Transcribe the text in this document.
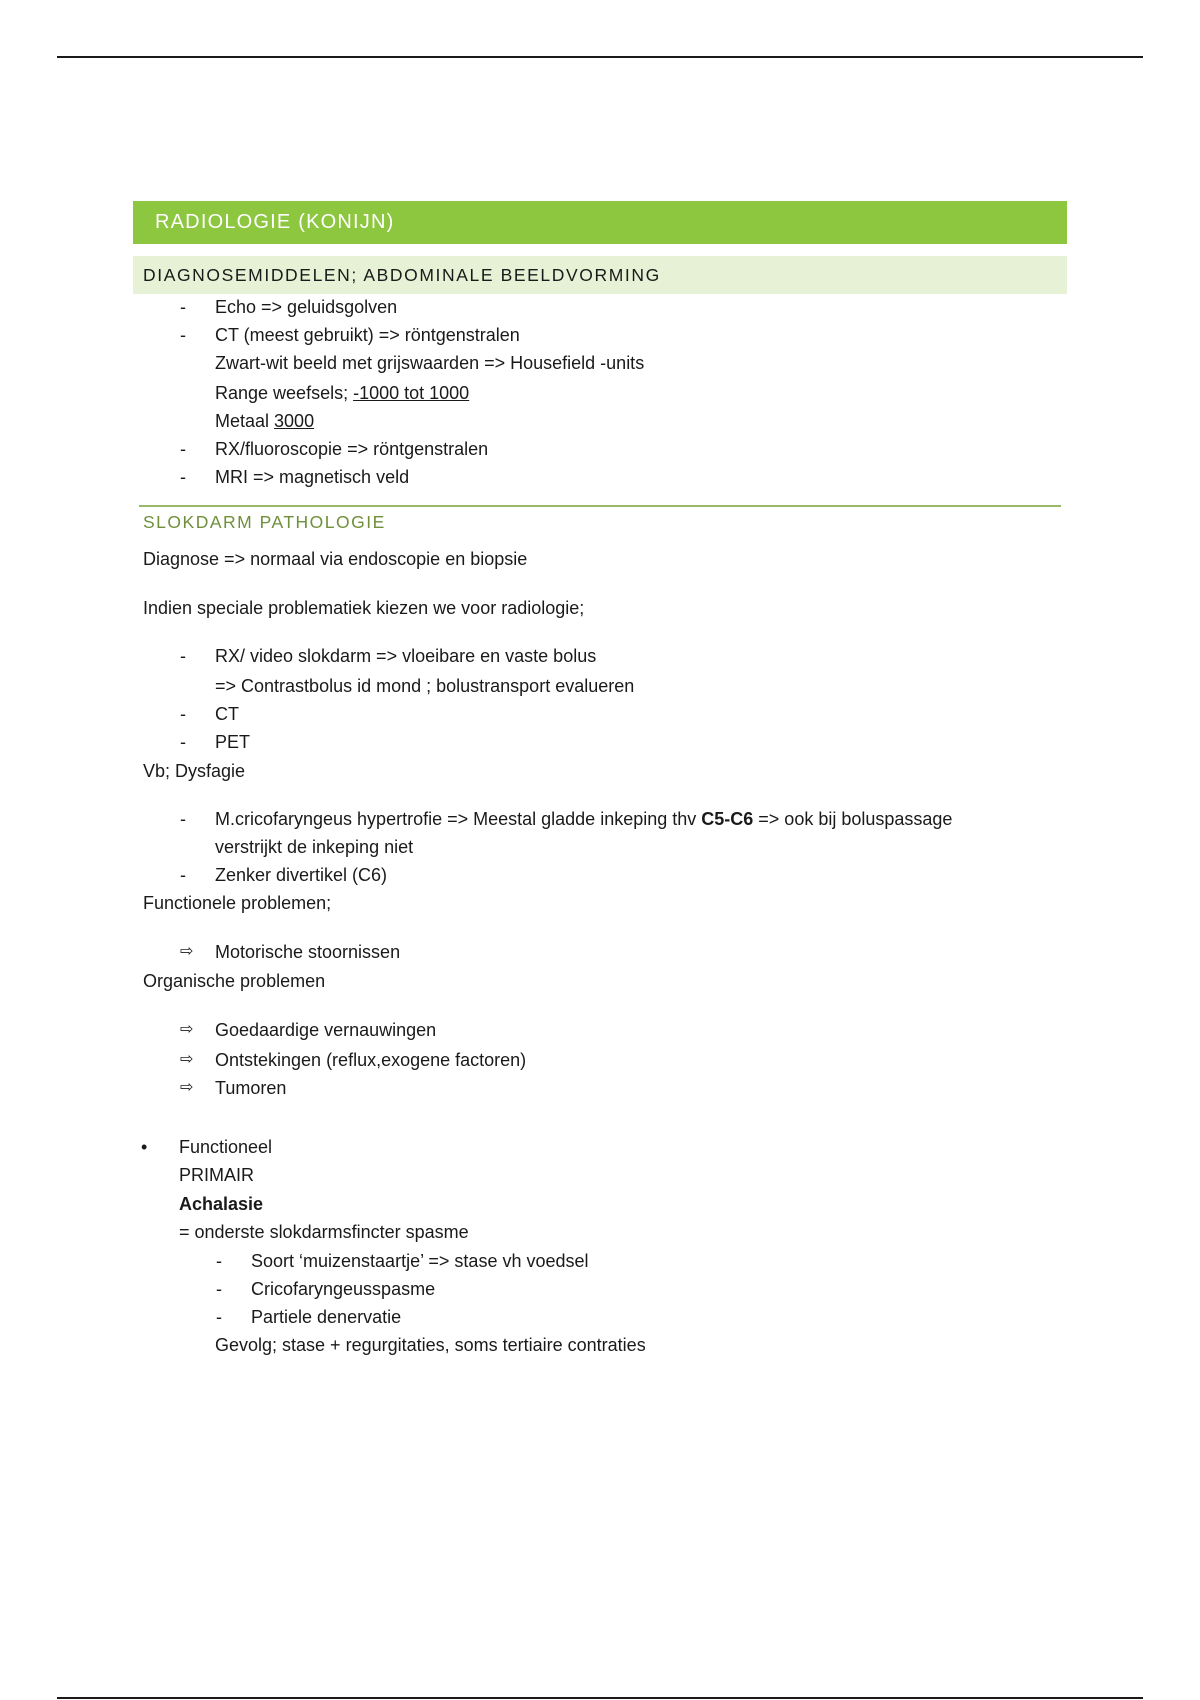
RADIOLOGIE (KONIJN)
DIAGNOSEMIDDELEN; ABDOMINALE BEELDVORMING
- Echo => geluidsgolven
- CT (meest gebruikt) => röntgenstralen
Zwart-wit beeld met grijswaarden => Housefield -units
Range weefsels; -1000 tot 1000
Metaal 3000
- RX/fluoroscopie => röntgenstralen
- MRI => magnetisch veld
SLOKDARM PATHOLOGIE
Diagnose => normaal via endoscopie en biopsie
Indien speciale problematiek kiezen we voor radiologie;
- RX/ video slokdarm => vloeibare en vaste bolus
=> Contrastbolus id mond ; bolustransport evalueren
- CT
- PET
Vb; Dysfagie
- M.cricofaryngeus hypertrofie => Meestal gladde inkeping thv C5-C6 => ook bij boluspassage
verstrijkt de inkeping niet
- Zenker divertikel (C6)
Functionele problemen;
⇨ Motorische stoornissen
Organische problemen
⇨ Goedaardige vernauwingen
⇨ Ontstekingen (reflux,exogene factoren)
⇨ Tumoren
• Functioneel
PRIMAIR
Achalasie
= onderste slokdarmsfincter spasme
- Soort ‘muizenstaartje’ => stase vh voedsel
- Cricofaryngeusspasme
- Partiele denervatie
Gevolg; stase + regurgitaties, soms tertiaire contraties
